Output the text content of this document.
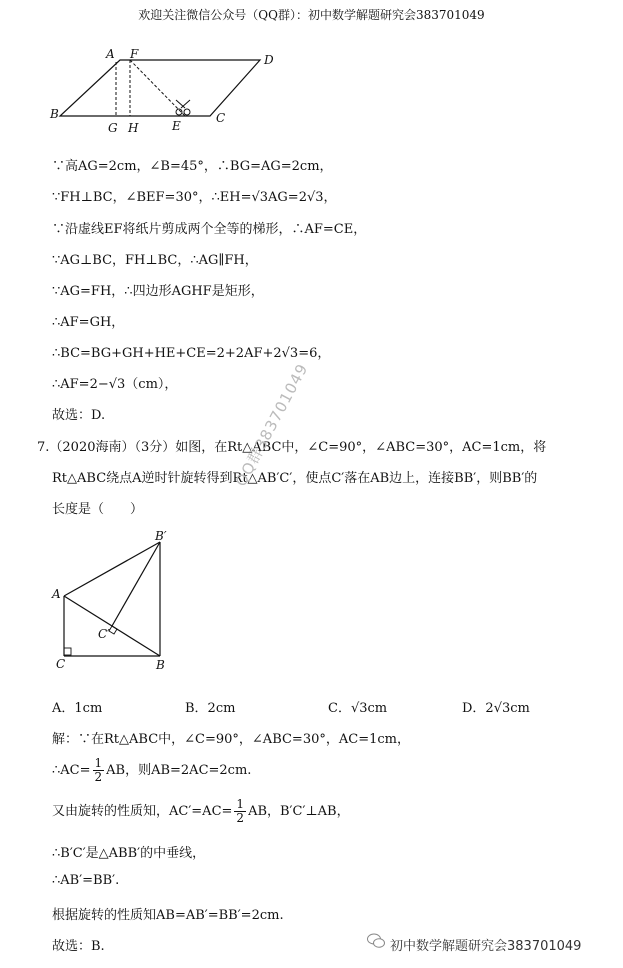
欢迎关注微信公众号（QQ群）：初中数学解题研究会383701049
A F	D
B
G H	E
C
∵高AG=2cm，∠B=45°，∴BG=AG=2cm，
∵FH⊥BC，∠BEF=30°，∴EH=√3AG=2√3，
∵沿虚线EF将纸片剪成两个全等的梯形，∴AF=CE，
∵AG⊥BC，FH⊥BC，∴AG∥FH，
∵AG=FH，∴四边形AGHF是矩形，
∴AF=GH，
∴BC=BG+GH+HE+CE=2+2AF+2√3=6，
∴AF=2−√3（cm），
故选：D.
7.（2020海南）（3分）如图，在Rt△ABC中，∠C=90°，∠ABC=30°，AC=1cm，将
Rt△ABC绕点A逆时针旋转得到Rt△AB′C′，使点C′落在AB边上，连接BB′，则BB′的
长度是（　　）
B′
A
C′
C	B
A．1cm	B．2cm	C．√3cm	D．2√3cm
解：∵在Rt△ABC中，∠C=90°，∠ABC=30°，AC=1cm，
∴AC= $\frac{1}{2}$ AB，则AB=2AC=2cm.
又由旋转的性质知，$AC'=AC= \frac{1}{2}$ AB，B′C′⊥AB，
∴B′C′是△ABB′的中垂线，
∴AB′=BB′.
根据旋转的性质知AB=AB′=BB′=2cm.
故选：B.
QQ群383701049
初中数学解题研究会383701049
